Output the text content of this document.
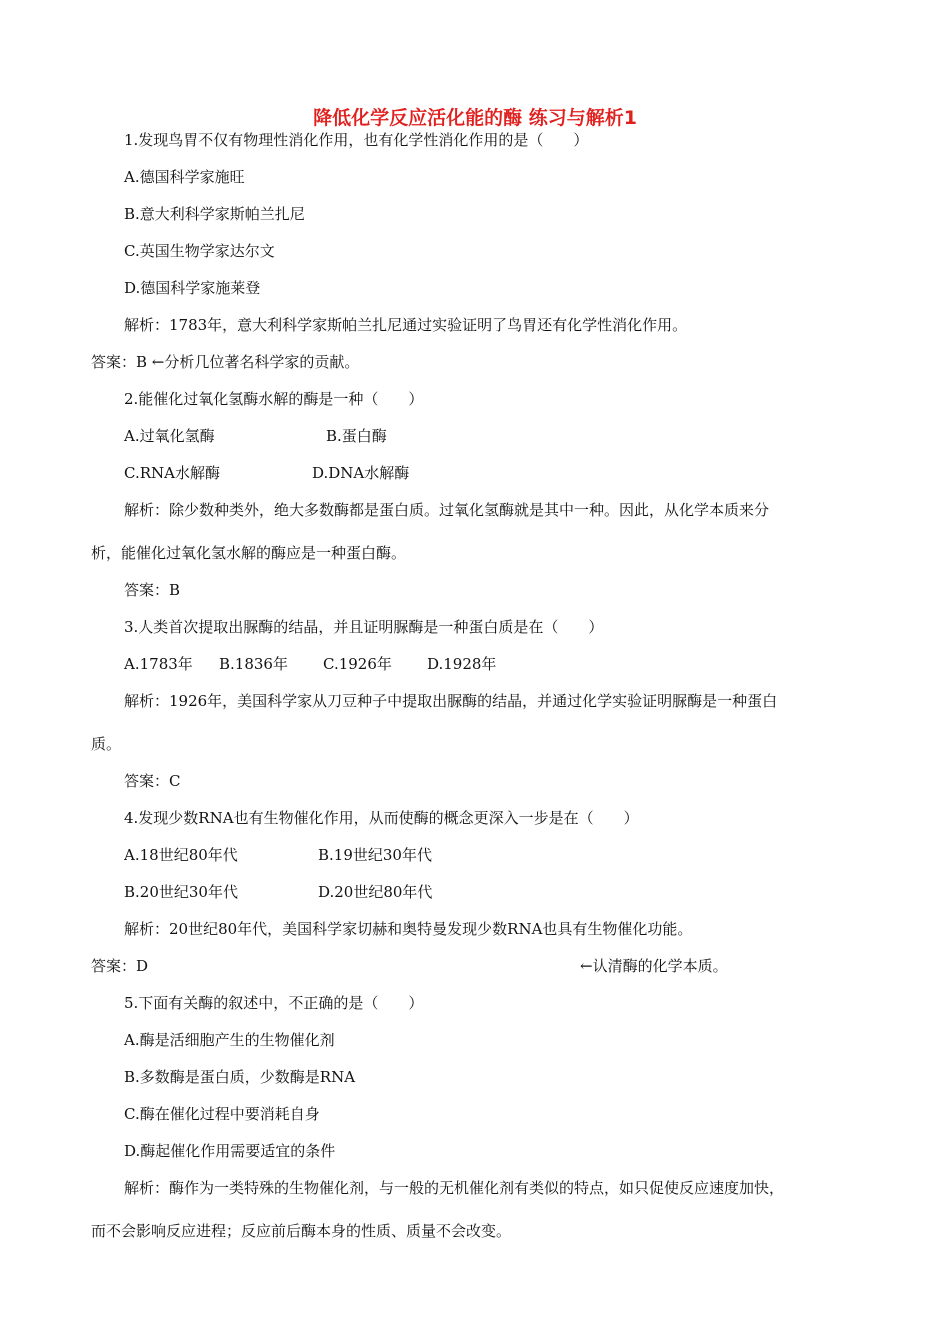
降低化学反应活化能的酶 练习与解析1
1.发现鸟胃不仅有物理性消化作用，也有化学性消化作用的是（　　）
A.德国科学家施旺
B.意大利科学家斯帕兰扎尼
C.英国生物学家达尔文
D.德国科学家施莱登
解析：1783年，意大利科学家斯帕兰扎尼通过实验证明了鸟胃还有化学性消化作用。
答案：B ←分析几位著名科学家的贡献。
2.能催化过氧化氢酶水解的酶是一种（　　）
A.过氧化氢酶	B.蛋白酶
C.RNA水解酶	D.DNA水解酶
解析：除少数种类外，绝大多数酶都是蛋白质。过氧化氢酶就是其中一种。因此，从化学本质来分
析，能催化过氧化氢水解的酶应是一种蛋白酶。
答案：B
3.人类首次提取出脲酶的结晶，并且证明脲酶是一种蛋白质是在（　　）
A.1783年 B.1836年 C.1926年 D.1928年
解析：1926年，美国科学家从刀豆种子中提取出脲酶的结晶，并通过化学实验证明脲酶是一种蛋白
质。
答案：C
4.发现少数RNA也有生物催化作用，从而使酶的概念更深入一步是在（　　）
A.18世纪80年代	B.19世纪30年代
B.20世纪30年代	D.20世纪80年代
解析：20世纪80年代，美国科学家切赫和奥特曼发现少数RNA也具有生物催化功能。
答案：D	←认清酶的化学本质。
5.下面有关酶的叙述中，不正确的是（　　）
A.酶是活细胞产生的生物催化剂
B.多数酶是蛋白质，少数酶是RNA
C.酶在催化过程中要消耗自身
D.酶起催化作用需要适宜的条件
解析：酶作为一类特殊的生物催化剂，与一般的无机催化剂有类似的特点，如只促使反应速度加快，
而不会影响反应进程；反应前后酶本身的性质、质量不会改变。
